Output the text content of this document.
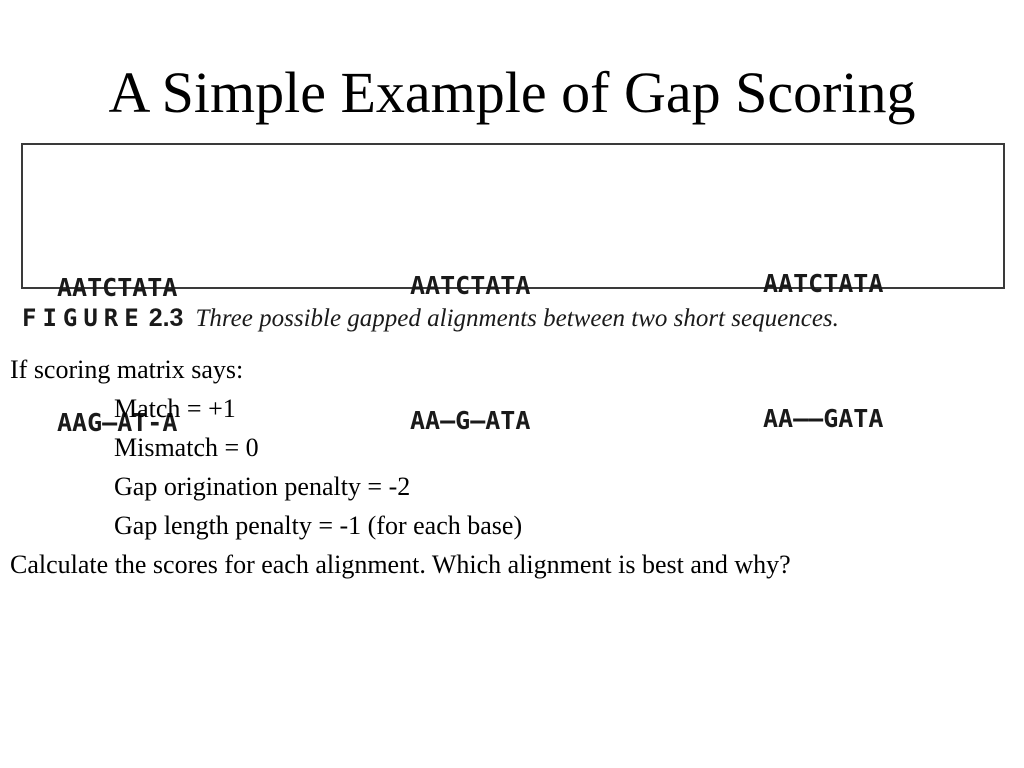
A Simple Example of Gap Scoring

AATCTATA

AAG—AT-A

AATCTATA

AA—G—ATA

AATCTATA

AA——GATA

FIGURE 2.3 Three possible gapped alignments between two short sequences.
If scoring matrix says:
Match = +1
Mismatch = 0
Gap origination penalty = -2
Gap length penalty = -1 (for each base)
Calculate the scores for each alignment. Which alignment is best and why?
